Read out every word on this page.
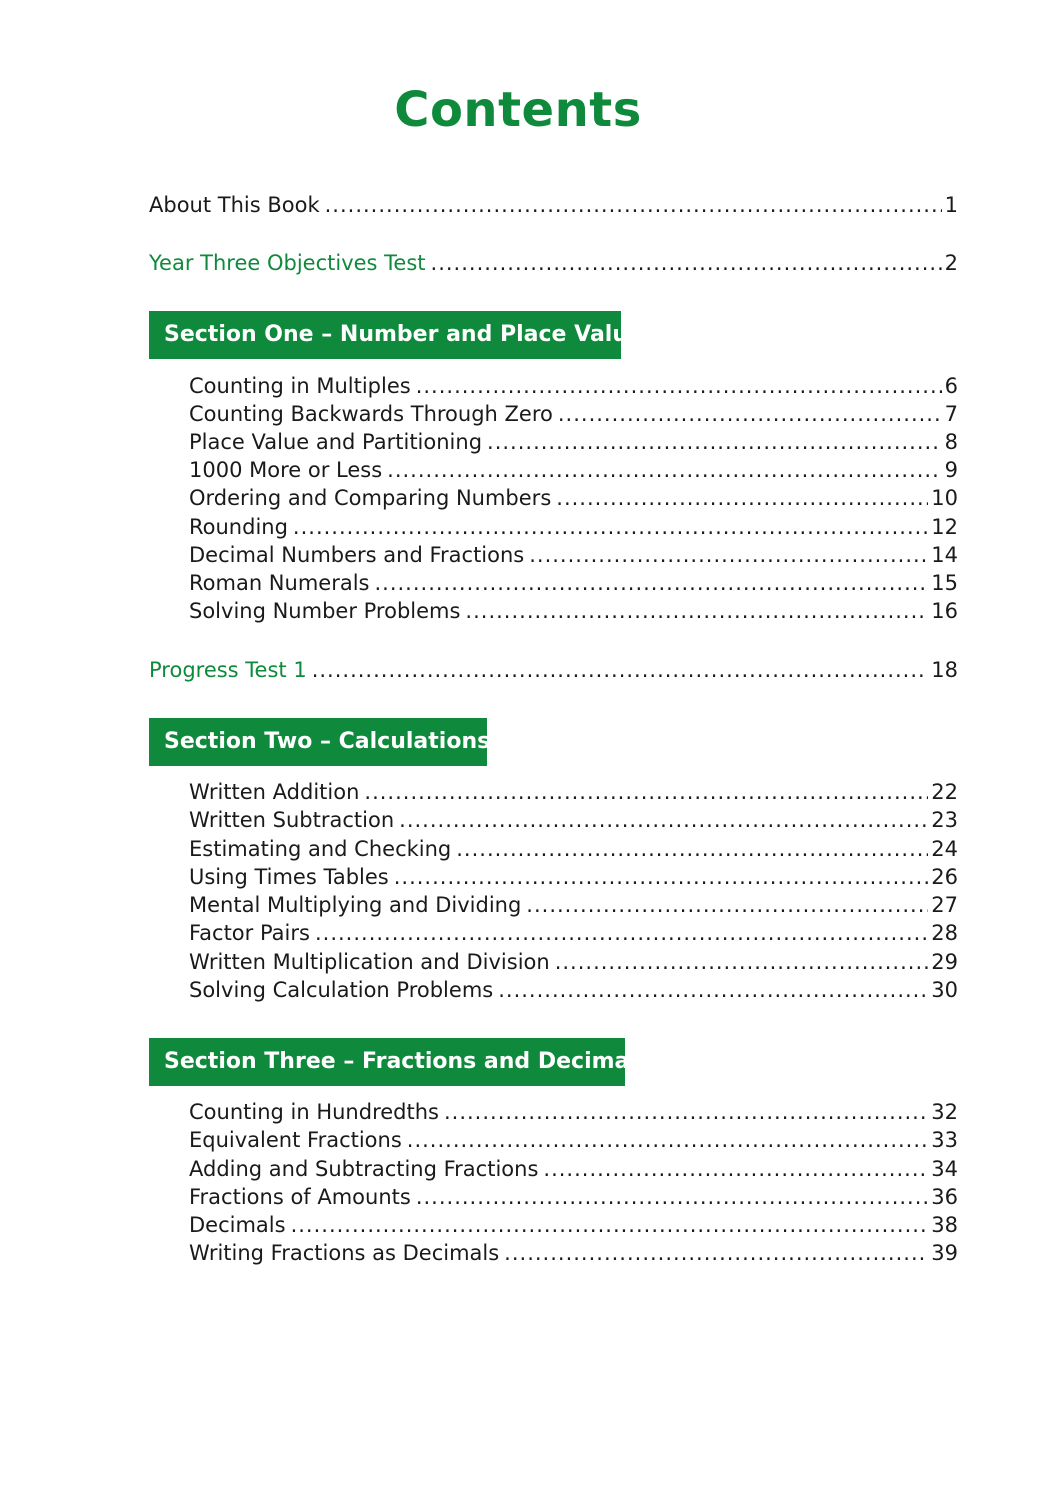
Contents
About This Book .....	1
Year Three Objectives Test .....	2
Section One – Number and Place Value
Counting in Multiples .....	6
Counting Backwards Through Zero .....	7
Place Value and Partitioning .....	8
1000 More or Less .....	9
Ordering and Comparing Numbers .....	10
Rounding .....	12
Decimal Numbers and Fractions .....	14
Roman Numerals .....	15
Solving Number Problems .....	16
Progress Test 1 .....	18
Section Two – Calculations
Written Addition .....	22
Written Subtraction .....	23
Estimating and Checking .....	24
Using Times Tables .....	26
Mental Multiplying and Dividing .....	27
Factor Pairs .....	28
Written Multiplication and Division .....	29
Solving Calculation Problems .....	30
Section Three – Fractions and Decimals
Counting in Hundredths .....	32
Equivalent Fractions .....	33
Adding and Subtracting Fractions .....	34
Fractions of Amounts .....	36
Decimals .....	38
Writing Fractions as Decimals .....	39
